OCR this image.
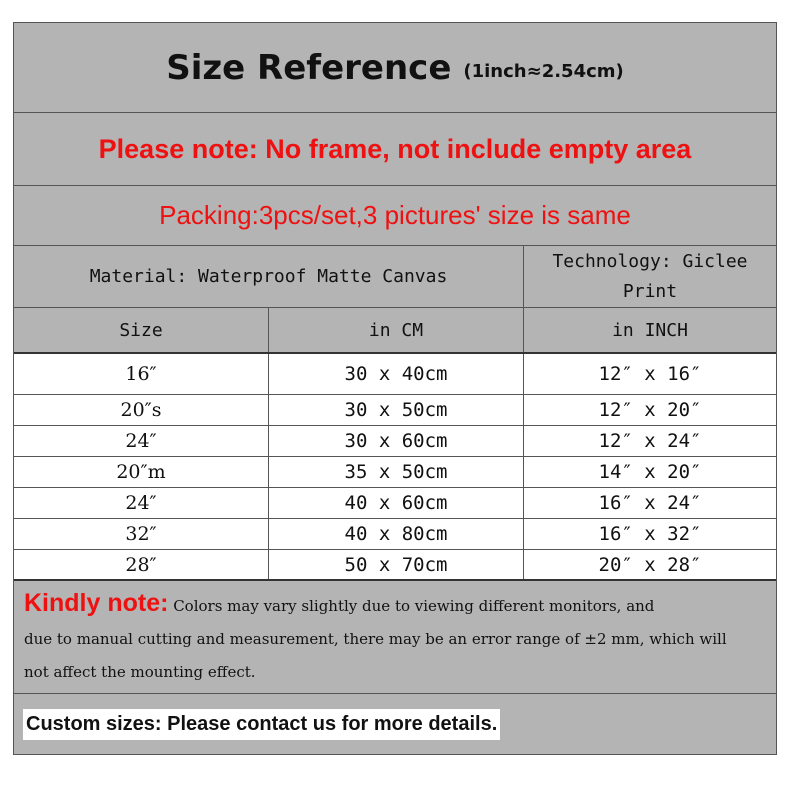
Size Reference (1inch≈2.54cm)
Please note: No frame, not include empty area
Packing:3pcs/set,3 pictures' size is same
Material: Waterproof Matte Canvas
Technology: Giclee Print
Size	in CM	in INCH
16″	30 x 40cm	12″ x 16″
20″s	30 x 50cm	12″ x 20″
24″	30 x 60cm	12″ x 24″
20″m	35 x 50cm	14″ x 20″
24″	40 x 60cm	16″ x 24″
32″	40 x 80cm	16″ x 32″
28″	50 x 70cm	20″ x 28″
Kindly note: Colors may vary slightly due to viewing different monitors, and
due to manual cutting and measurement, there may be an error range of ±2 mm, which will
not affect the mounting effect.
Custom sizes: Please contact us for more details.
